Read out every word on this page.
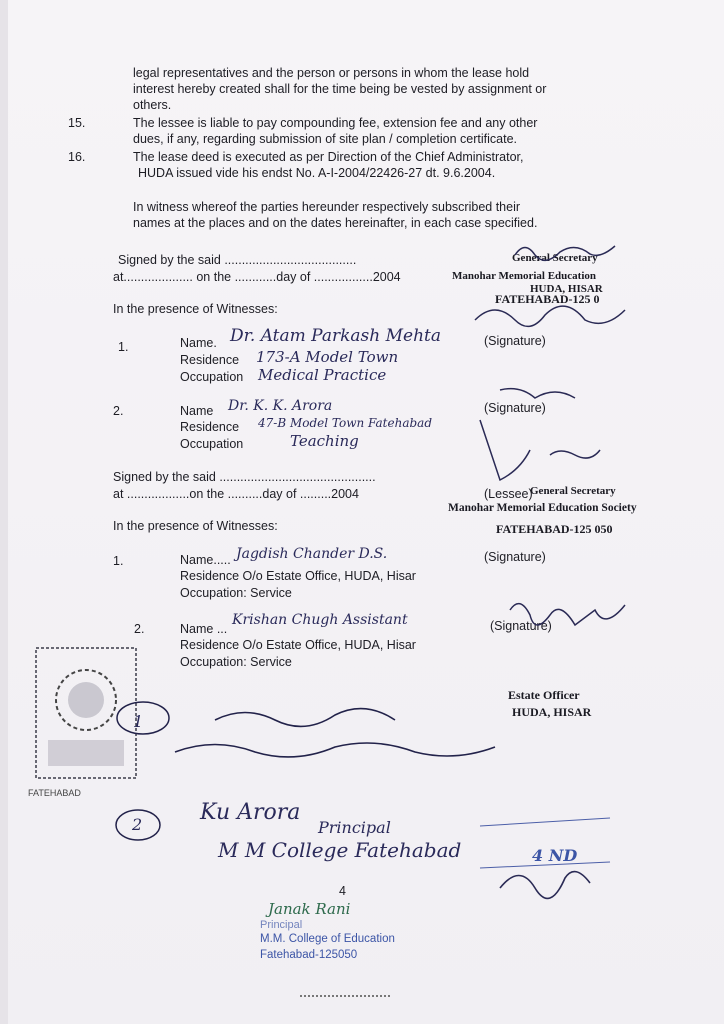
legal representatives and the person or persons in whom the lease hold
interest hereby created shall for the time being be vested by assignment or
others.
15.	The lessee is liable to pay compounding fee, extension fee and any other
dues, if any, regarding submission of site plan / completion certificate.
16.	The lease deed is executed as per Direction of the Chief Administrator,
HUDA issued vide his endst No. A-I-2004/22426-27 dt. 9.6.2004.
In witness whereof the parties hereunder respectively subscribed their
names at the places and on the dates hereinafter, in each case specified.
Signed by the said ......................................
at.................... on the ............day of .................2004
In the presence of Witnesses:
General Secretary
Manohar Memorial Education
HUDA, HISAR
FATEHABAD-125 0
1.	Name. Dr. Atam Parkash Mehta	(Signature)
Residence 173-A Model Town
Occupation Medical Practice
2.	Name Dr. K. K. Arora	(Signature)
Residence 47-B Model Town Fatehabad
Occupation	Teaching
Signed by the said .............................................
at ..................on the ..........day of .........2004	(Lessee)
In the presence of Witnesses:
General Secretary
Manohar Memorial Education Society
FATEHABAD-125 050
1.	Name..... Jagdish Chander D.S.	(Signature)
Residence O/o Estate Office, HUDA, Hisar
Occupation: Service
2.	Name ...
Krishan Chugh Assistant	(Signature)
Residence O/o Estate Office, HUDA, Hisar
Occupation: Service
Estate Officer
HUDA, HISAR
FATEHABAD
1
2	Ku Arora
Principal
M M College Fatehabad
4
4 ND
Janak Rani
Principal
M.M. College of Education
Fatehabad-125050
